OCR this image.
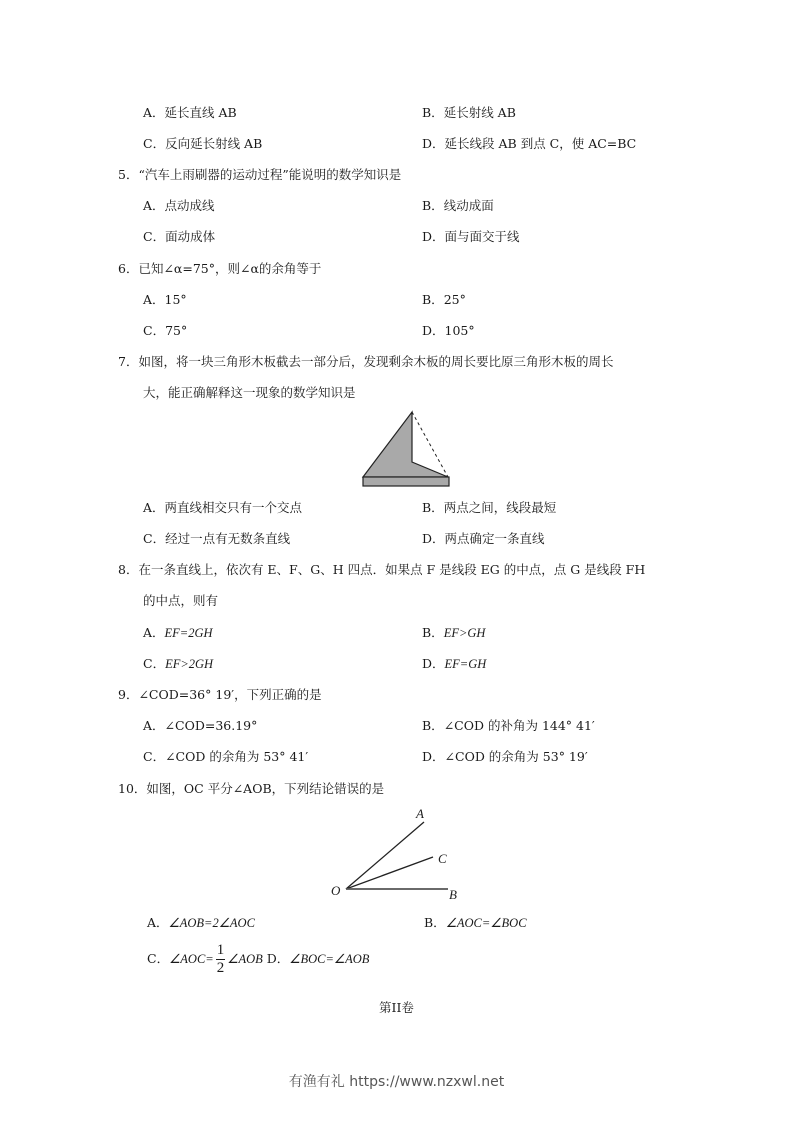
A．延长直线 AB	B．延长射线 AB
C．反向延长射线 AB	D．延长线段 AB 到点 C，使 AC=BC
5．“汽车上雨刷器的运动过程”能说明的数学知识是
A．点动成线	B．线动成面
C．面动成体	D．面与面交于线
6．已知∠α=75°，则∠α的余角等于
A．15°	B．25°
C．75°	D．105°
7．如图，将一块三角形木板截去一部分后，发现剩余木板的周长要比原三角形木板的周长
大，能正确解释这一现象的数学知识是
A．两直线相交只有一个交点	B．两点之间，线段最短
C．经过一点有无数条直线	D．两点确定一条直线
8．在一条直线上，依次有 E、F、G、H 四点．如果点 F 是线段 EG 的中点，点 G 是线段 FH
的中点，则有
A．EF=2GH	B．EF>GH
C．EF>2GH	D．EF=GH
9．∠COD=36° 19′，下列正确的是
A．∠COD=36.19°	B．∠COD 的补角为 144° 41′
C．∠COD 的余角为 53° 41′	D．∠COD 的余角为 53° 19′
10．如图，OC 平分∠AOB，下列结论错误的是
A
C
O	B
A．∠AOB=2∠AOC	B．∠AOC=∠BOC
C．∠AOC= $\frac{1}{2}$ ∠AOB D．∠BOC=∠AOB
第II卷
有渔有礼 https://www.nzxwl.net
